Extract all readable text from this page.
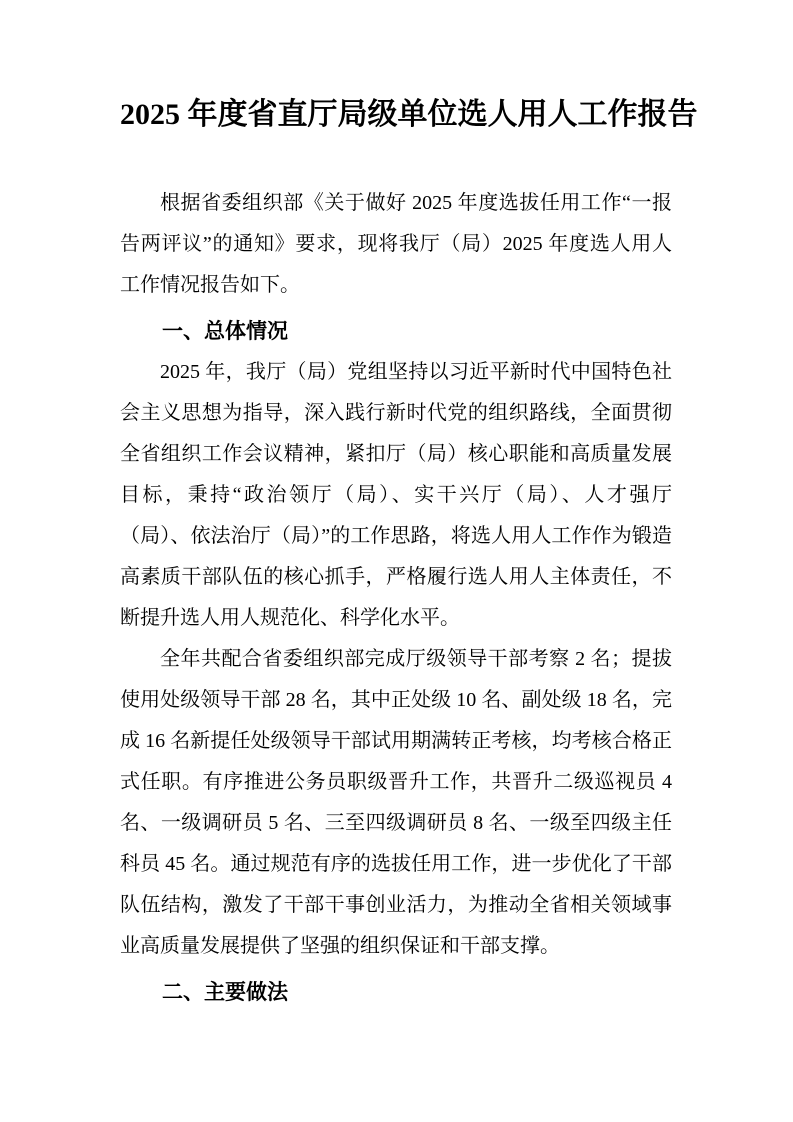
2025 年度省直厅局级单位选人用人工作报告

根据省委组织部《关于做好 2025 年度选拔任用工作“一报告两评议”的通知》要求，现将我厅（局）2025 年度选人用人工作情况报告如下。

一、总体情况

2025 年，我厅（局）党组坚持以习近平新时代中国特色社会主义思想为指导，深入践行新时代党的组织路线，全面贯彻全省组织工作会议精神，紧扣厅（局）核心职能和高质量发展目标，秉持“政治领厅（局）、实干兴厅（局）、人才强厅（局）、依法治厅（局）”的工作思路，将选人用人工作作为锻造高素质干部队伍的核心抓手，严格履行选人用人主体责任，不断提升选人用人规范化、科学化水平。

全年共配合省委组织部完成厅级领导干部考察 2 名；提拔使用处级领导干部 28 名，其中正处级 10 名、副处级 18 名，完成 16 名新提任处级领导干部试用期满转正考核，均考核合格正式任职。有序推进公务员职级晋升工作，共晋升二级巡视员 4 名、一级调研员 5 名、三至四级调研员 8 名、一级至四级主任科员 45 名。通过规范有序的选拔任用工作，进一步优化了干部队伍结构，激发了干部干事创业活力，为推动全省相关领域事业高质量发展提供了坚强的组织保证和干部支撑。

二、主要做法
